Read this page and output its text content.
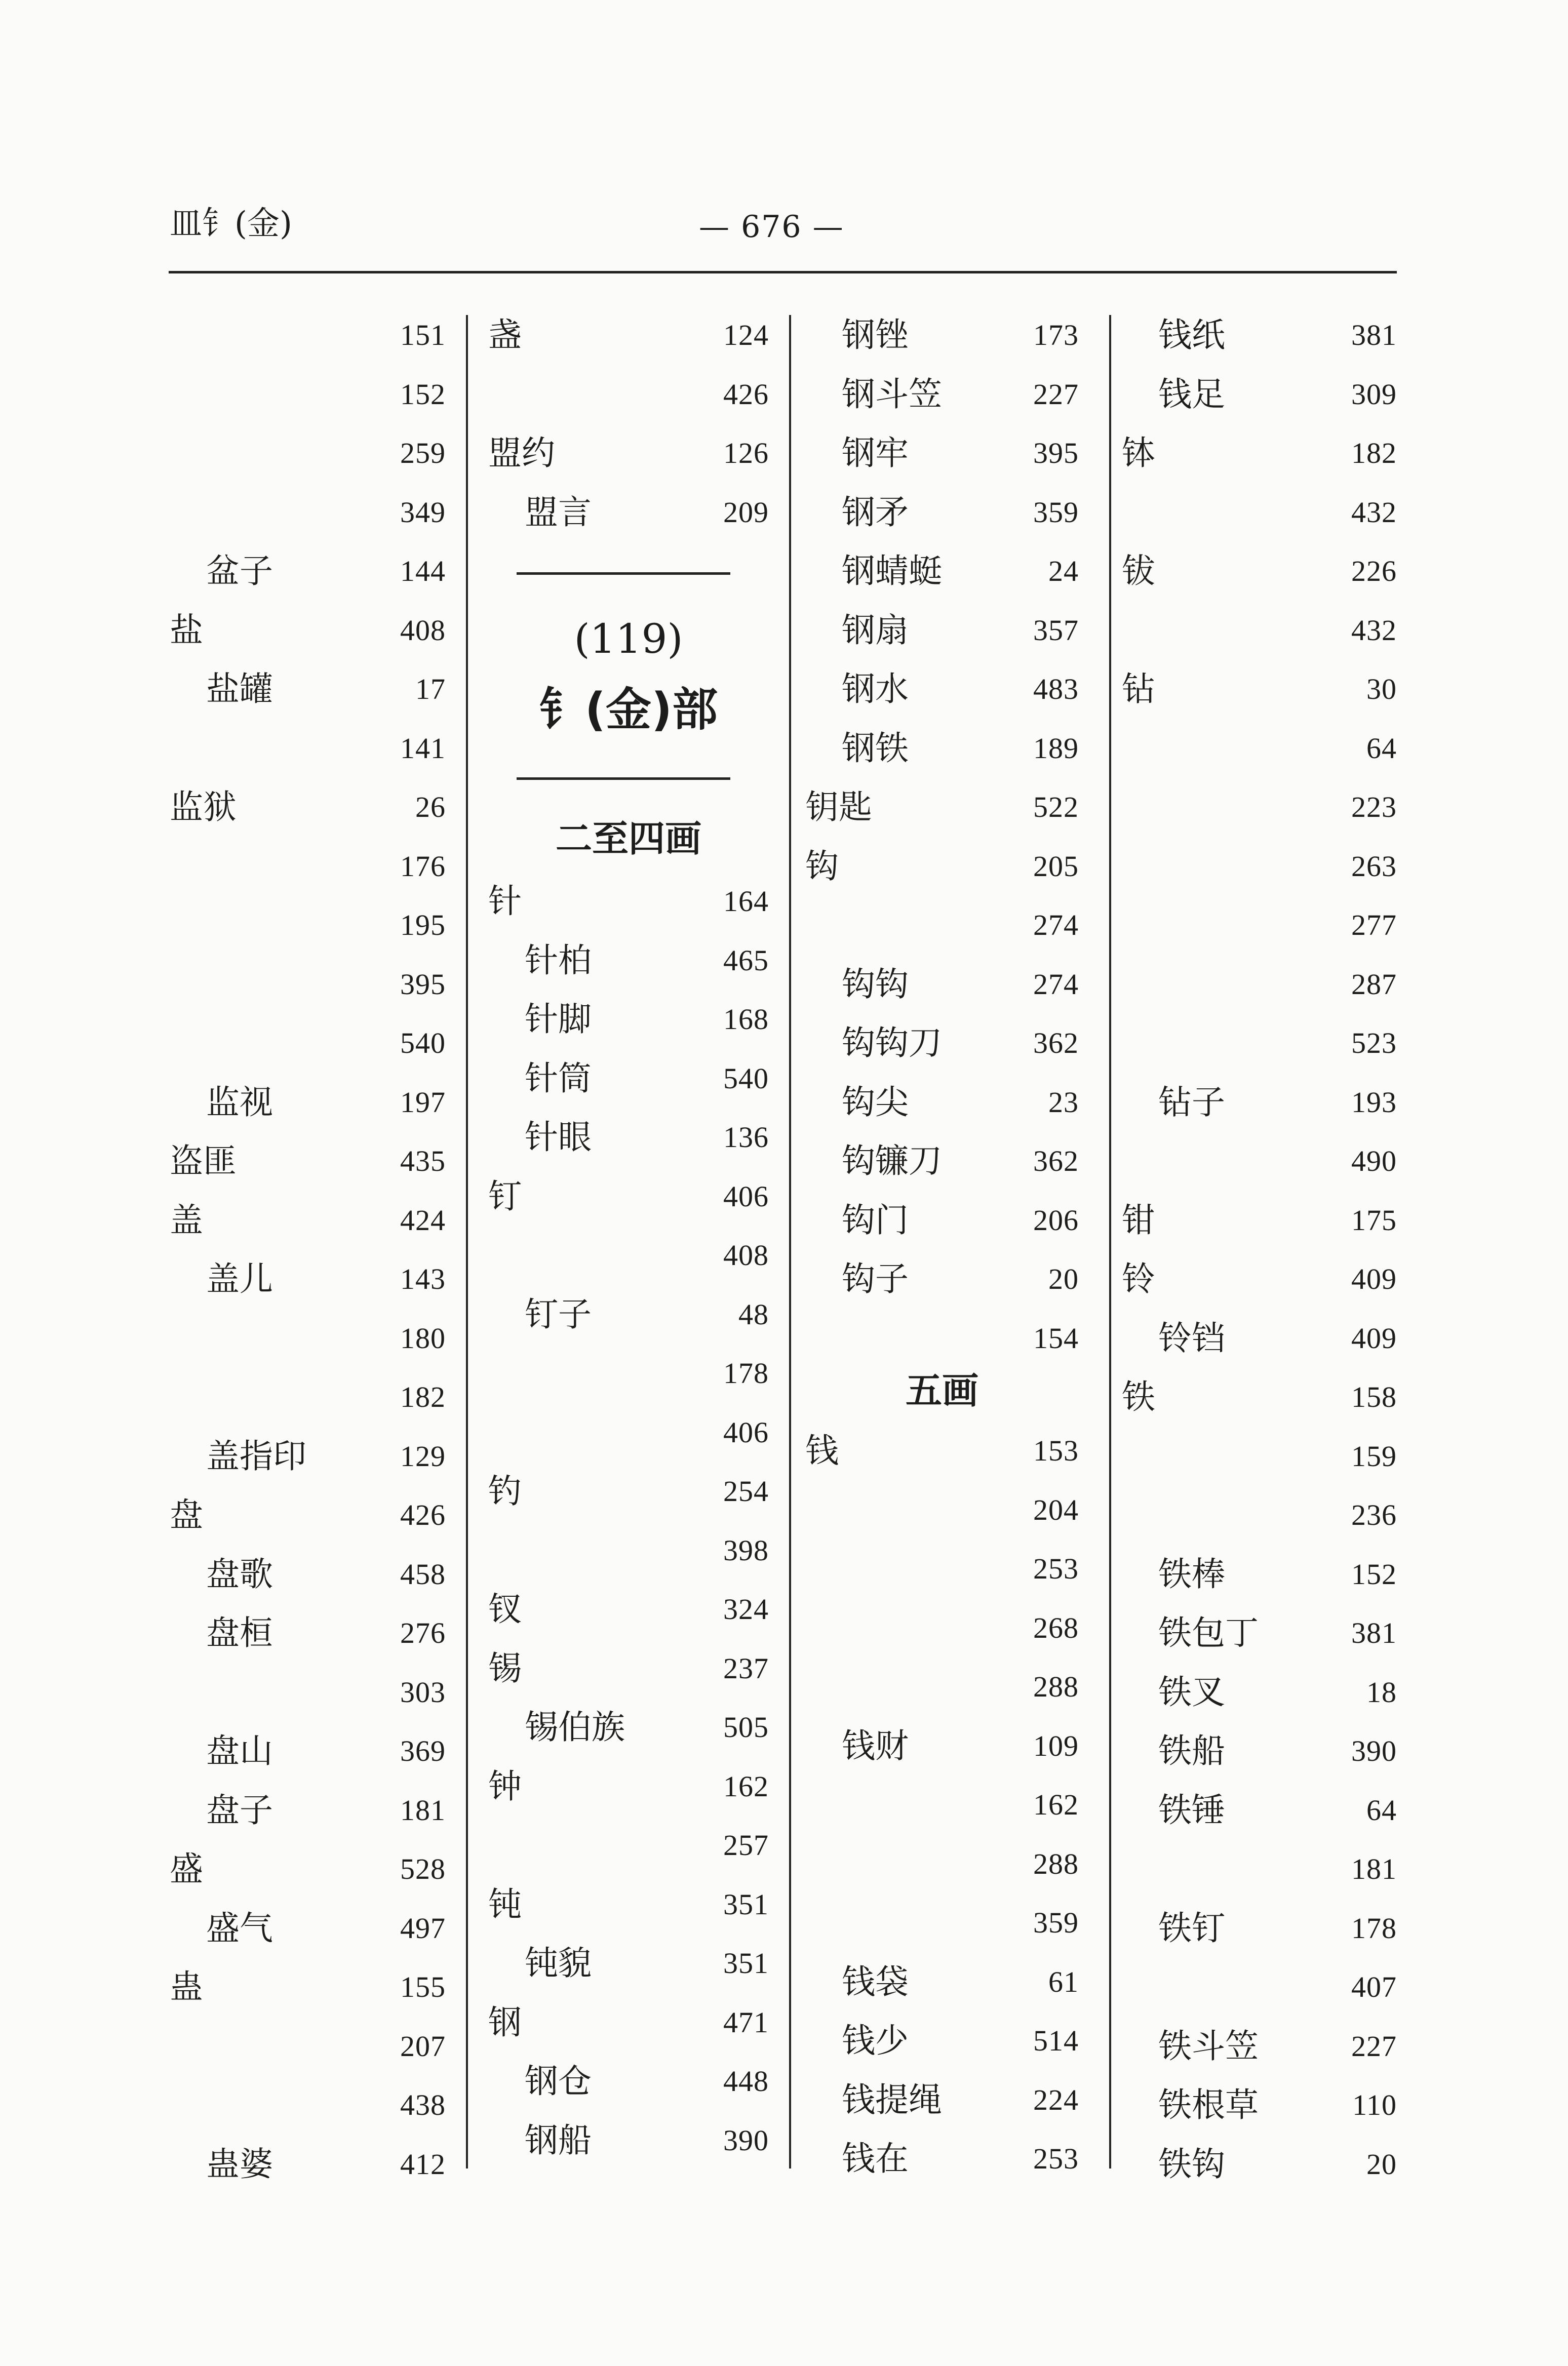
皿钅(金)	— 676 —
151
152
259
349
盆子	144
盐	408
盐罐	17
141
监狱	26
176
195
395
540
监视	197
盗匪	435
盖	424
盖儿	143
180
182
盖指印	129
盘	426
盘歌	458
盘桓	276
303
盘山	369
盘子	181
盛	528
盛气	497
蛊	155
207
438
蛊婆	412
盏	124
426
盟约	126
盟言	209
(119)
钅(金)部
二至四画
针	164
针柏	465
针脚	168
针筒	540
针眼	136
钉	406
408
钉子	48
178
406
钓	254
398
钗	324
锡	237
锡伯族	505
钟	162
257
钝	351
钝貌	351
钢	471
钢仓	448
钢船	390
钢锉	173
钢斗笠	227
钢牢	395
钢矛	359
钢蜻蜓	24
钢扇	357
钢水	483
钢铁	189
钥匙	522
钩	205
274
钩钩	274
钩钩刀	362
钩尖	23
钩镰刀	362
钩门	206
钩子	20
154
五画
钱	153
204
253
268
288
钱财	109
162
288
359
钱袋	61
钱少	514
钱提绳	224
钱在	253
钱纸	381
钱足	309
钵	182
432
钹	226
432
钻	30
64
223
263
277
287
523
钻子	193
490
钳	175
铃	409
铃铛	409
铁	158
159
236
铁棒	152
铁包丁	381
铁叉	18
铁船	390
铁锤	64
181
铁钉	178
407
铁斗笠	227
铁根草	110
铁钩	20
